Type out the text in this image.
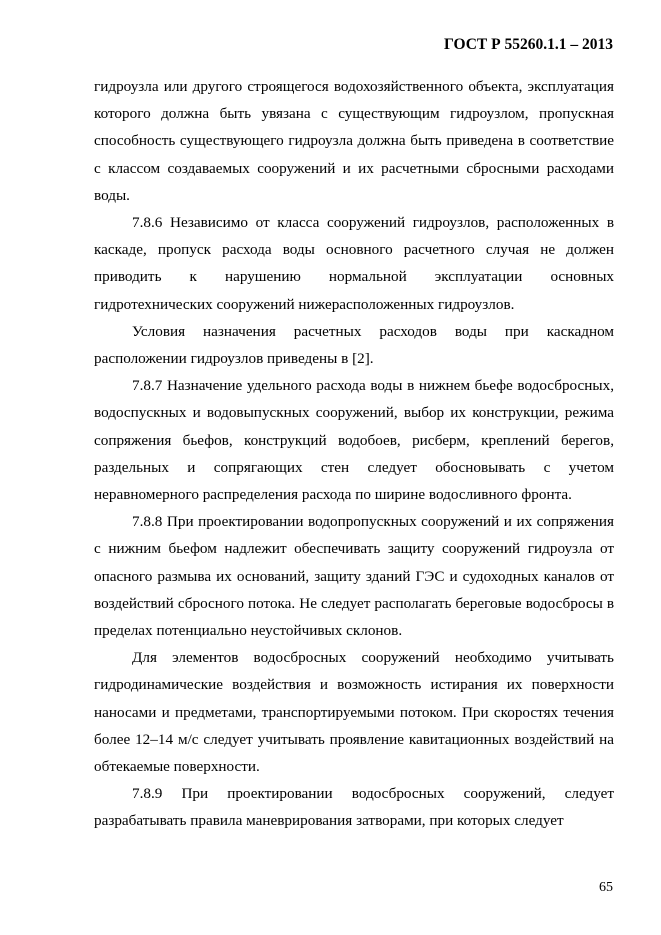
ГОСТ Р 55260.1.1 – 2013

гидроузла или другого строящегося водохозяйственного объекта, эксплуатация которого должна быть увязана с существующим гидроузлом, пропускная способность существующего гидроузла должна быть приведена в соответствие с классом создаваемых сооружений и их расчетными сбросными расходами воды.

7.8.6 Независимо от класса сооружений гидроузлов, расположенных в каскаде, пропуск расхода воды основного расчетного случая не должен приводить к нарушению нормальной эксплуатации основных гидротехнических сооружений нижерасположенных гидроузлов.

Условия назначения расчетных расходов воды при каскадном расположении гидроузлов приведены в [2].

7.8.7 Назначение удельного расхода воды в нижнем бьефе водосбросных, водоспускных и водовыпускных сооружений, выбор их конструкции, режима сопряжения бьефов, конструкций водобоев, рисберм, креплений берегов, раздельных и сопрягающих стен следует обосновывать с учетом неравномерного распределения расхода по ширине водосливного фронта.

7.8.8 При проектировании водопропускных сооружений и их сопряжения с нижним бьефом надлежит обеспечивать защиту сооружений гидроузла от опасного размыва их оснований, защиту зданий ГЭС и судоходных каналов от воздействий сбросного потока. Не следует располагать береговые водосбросы в пределах потенциально неустойчивых склонов.

Для элементов водосбросных сооружений необходимо учитывать гидродинамические воздействия и возможность истирания их поверхности наносами и предметами, транспортируемыми потоком. При скоростях течения более 12–14 м/с следует учитывать проявление кавитационных воздействий на обтекаемые поверхности.

7.8.9 При проектировании водосбросных сооружений, следует разрабатывать правила маневрирования затворами, при которых следует

65
